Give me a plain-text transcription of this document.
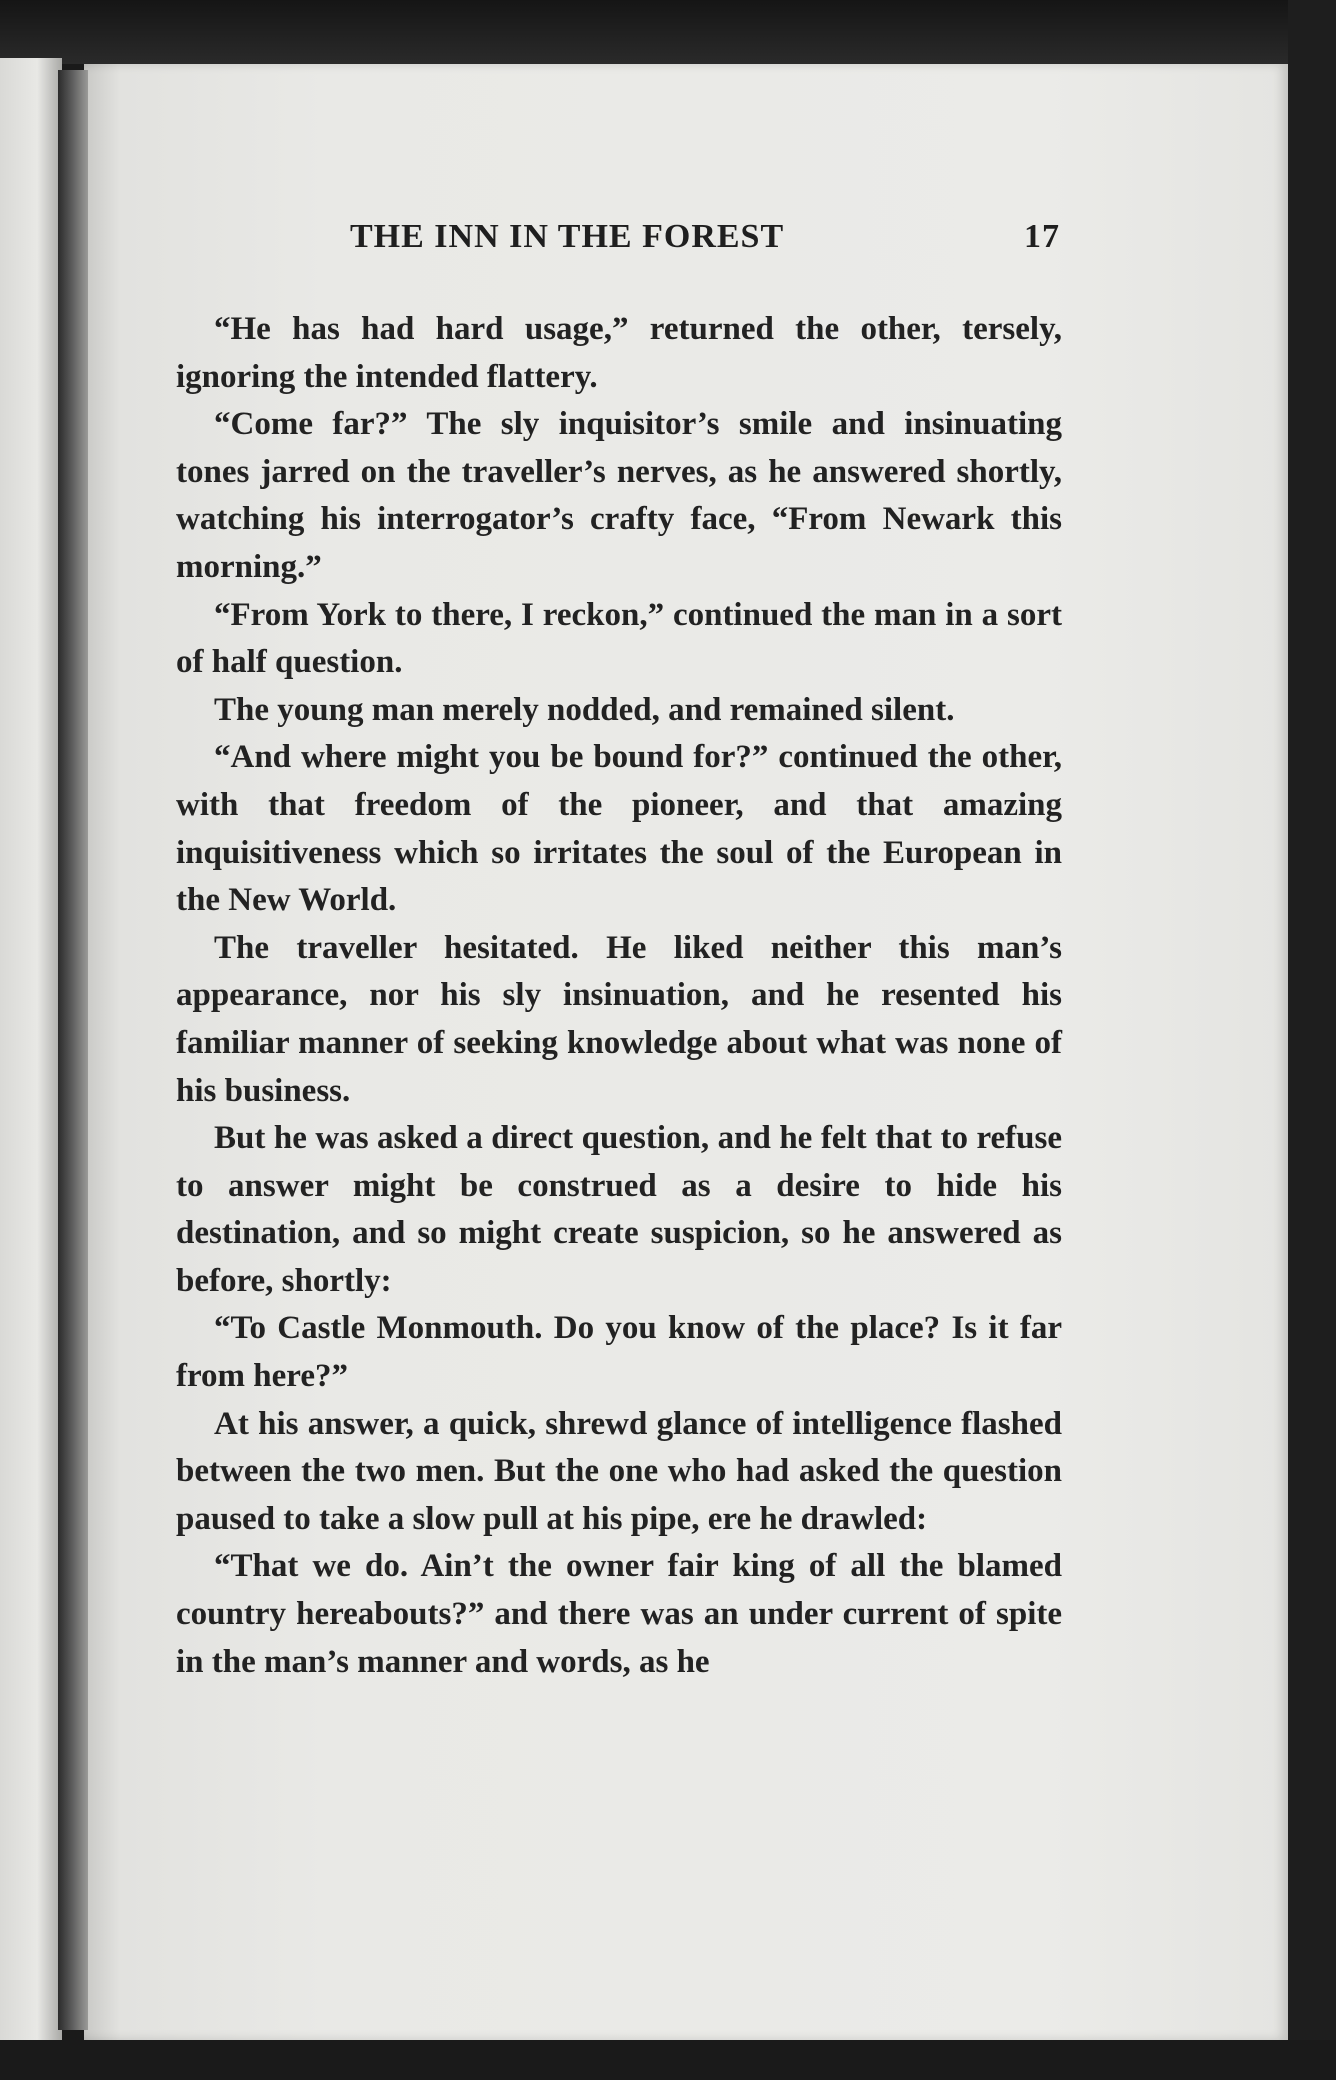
THE INN IN THE FOREST	17

“He has had hard usage,” returned the other, tersely, ignoring the intended flattery.

“Come far?” The sly inquisitor’s smile and insinuating tones jarred on the traveller’s nerves, as he answered shortly, watching his interrogator’s crafty face, “From Newark this morning.”

“From York to there, I reckon,” continued the man in a sort of half question.

The young man merely nodded, and remained silent.

“And where might you be bound for?” continued the other, with that freedom of the pioneer, and that amazing inquisitiveness which so irritates the soul of the European in the New World.

The traveller hesitated. He liked neither this man’s appearance, nor his sly insinuation, and he resented his familiar manner of seeking knowledge about what was none of his business.

But he was asked a direct question, and he felt that to refuse to answer might be construed as a desire to hide his destination, and so might create suspicion, so he answered as before, shortly:

“To Castle Monmouth. Do you know of the place? Is it far from here?”

At his answer, a quick, shrewd glance of intelligence flashed between the two men. But the one who had asked the question paused to take a slow pull at his pipe, ere he drawled:

“That we do. Ain’t the owner fair king of all the blamed country hereabouts?” and there was an under current of spite in the man’s manner and words, as he
